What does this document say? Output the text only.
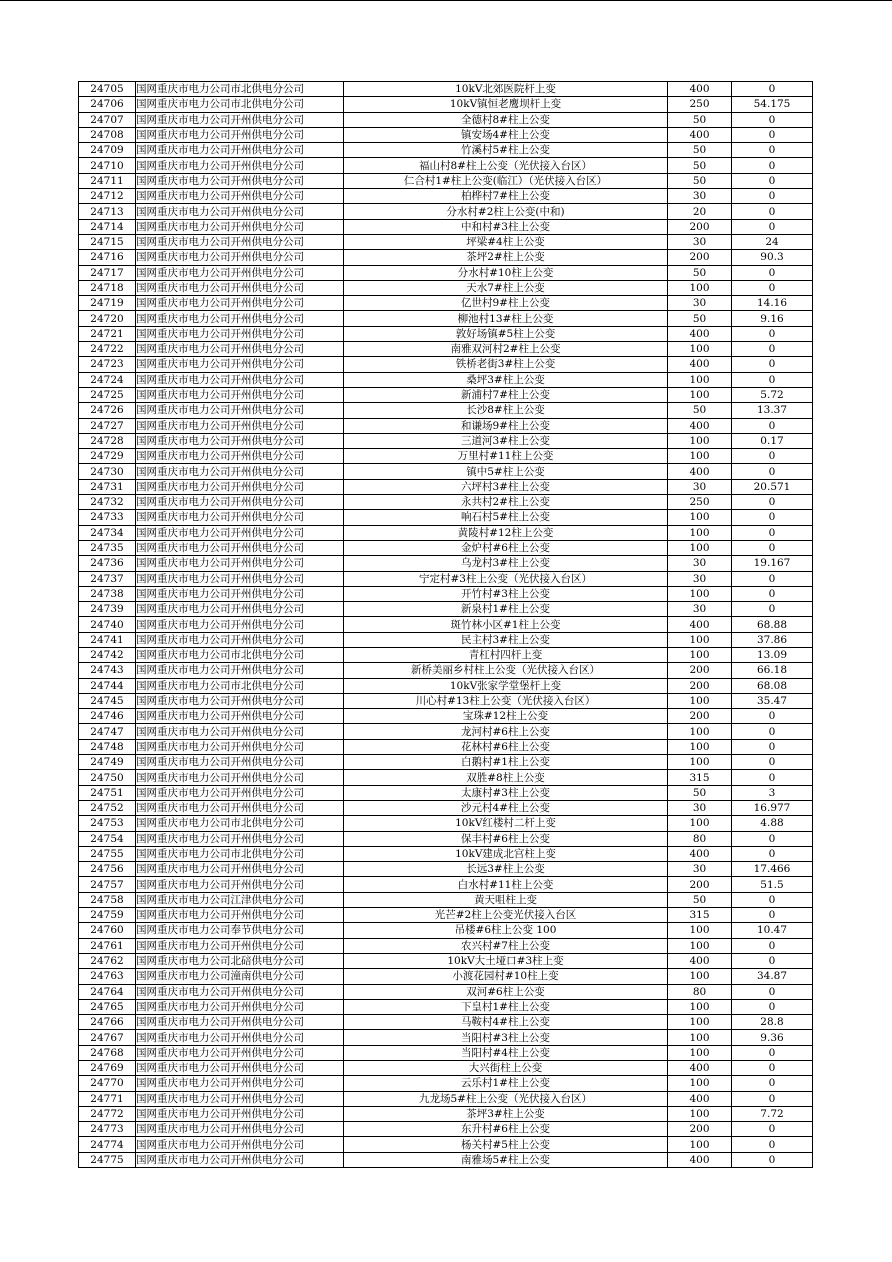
24705	国网重庆市电力公司市北供电分公司	10kV北郊医院杆上变	400	0
24706	国网重庆市电力公司市北供电分公司	10kV镇恒老鹰坝杆上变	250	54.175
24707	国网重庆市电力公司开州供电分公司	全德村8#柱上公变	50	0
24708	国网重庆市电力公司开州供电分公司	镇安场4#柱上公变	400	0
24709	国网重庆市电力公司开州供电分公司	竹溪村5#柱上公变	50	0
24710	国网重庆市电力公司开州供电分公司	福山村8#柱上公变（光伏接入台区）	50	0
24711	国网重庆市电力公司开州供电分公司	仁合村1#柱上公变(临江）（光伏接入台区）	50	0
24712	国网重庆市电力公司开州供电分公司	柏桦村7#柱上公变	30	0
24713	国网重庆市电力公司开州供电分公司	分水村#2柱上公变(中和)	20	0
24714	国网重庆市电力公司开州供电分公司	中和村#3柱上公变	200	0
24715	国网重庆市电力公司开州供电分公司	坪梁#4柱上公变	30	24
24716	国网重庆市电力公司开州供电分公司	茶坪2#柱上公变	200	90.3
24717	国网重庆市电力公司开州供电分公司	分水村#10柱上公变	50	0
24718	国网重庆市电力公司开州供电分公司	天水7#柱上公变	100	0
24719	国网重庆市电力公司开州供电分公司	亿世村9#柱上公变	30	14.16
24720	国网重庆市电力公司开州供电分公司	柳池村13#柱上公变	50	9.16
24721	国网重庆市电力公司开州供电分公司	敦好场镇#5柱上公变	400	0
24722	国网重庆市电力公司开州供电分公司	南雅双河村2#柱上公变	100	0
24723	国网重庆市电力公司开州供电分公司	铁桥老街3#柱上公变	400	0
24724	国网重庆市电力公司开州供电分公司	桑坪3#柱上公变	100	0
24725	国网重庆市电力公司开州供电分公司	新浦村7#柱上公变	100	5.72
24726	国网重庆市电力公司开州供电分公司	长沙8#柱上公变	50	13.37
24727	国网重庆市电力公司开州供电分公司	和谦场9#柱上公变	400	0
24728	国网重庆市电力公司开州供电分公司	三道河3#柱上公变	100	0.17
24729	国网重庆市电力公司开州供电分公司	万里村#11柱上公变	100	0
24730	国网重庆市电力公司开州供电分公司	镇中5#柱上公变	400	0
24731	国网重庆市电力公司开州供电分公司	六坪村3#柱上公变	30	20.571
24732	国网重庆市电力公司开州供电分公司	永共村2#柱上公变	250	0
24733	国网重庆市电力公司开州供电分公司	响石村5#柱上公变	100	0
24734	国网重庆市电力公司开州供电分公司	黄陵村#12柱上公变	100	0
24735	国网重庆市电力公司开州供电分公司	金炉村#6柱上公变	100	0
24736	国网重庆市电力公司开州供电分公司	乌龙村3#柱上公变	30	19.167
24737	国网重庆市电力公司开州供电分公司	宁定村#3柱上公变（光伏接入台区）	30	0
24738	国网重庆市电力公司开州供电分公司	开竹村#3柱上公变	100	0
24739	国网重庆市电力公司开州供电分公司	新泉村1#柱上公变	30	0
24740	国网重庆市电力公司开州供电分公司	斑竹林小区#1柱上公变	400	68.88
24741	国网重庆市电力公司开州供电分公司	民主村3#柱上公变	100	37.86
24742	国网重庆市电力公司市北供电分公司	青杠村四杆上变	100	13.09
24743	国网重庆市电力公司开州供电分公司	新桥美丽乡村柱上公变（光伏接入台区）	200	66.18
24744	国网重庆市电力公司市北供电分公司	10kV张家学堂堡杆上变	200	68.08
24745	国网重庆市电力公司开州供电分公司	川心村#13柱上公变（光伏接入台区）	100	35.47
24746	国网重庆市电力公司开州供电分公司	宝珠#12柱上公变	200	0
24747	国网重庆市电力公司开州供电分公司	龙河村#6柱上公变	100	0
24748	国网重庆市电力公司开州供电分公司	花林村#6柱上公变	100	0
24749	国网重庆市电力公司开州供电分公司	白鹅村#1柱上公变	100	0
24750	国网重庆市电力公司开州供电分公司	双胜#8柱上公变	315	0
24751	国网重庆市电力公司开州供电分公司	太康村#3柱上公变	50	3
24752	国网重庆市电力公司开州供电分公司	沙元村4#柱上公变	30	16.977
24753	国网重庆市电力公司市北供电分公司	10kV红楼村二杆上变	100	4.88
24754	国网重庆市电力公司开州供电分公司	保丰村#6柱上公变	80	0
24755	国网重庆市电力公司市北供电分公司	10kV建成北宫柱上变	400	0
24756	国网重庆市电力公司开州供电分公司	长远3#柱上公变	30	17.466
24757	国网重庆市电力公司开州供电分公司	白水村#11柱上公变	200	51.5
24758	国网重庆市电力公司江津供电分公司	黄天咀柱上变	50	0
24759	国网重庆市电力公司开州供电分公司	光芒#2柱上公变光伏接入台区	315	0
24760	国网重庆市电力公司奉节供电分公司	吊楼#6柱上公变 100	100	10.47
24761	国网重庆市电力公司开州供电分公司	农兴村#7柱上公变	100	0
24762	国网重庆市电力公司北碚供电分公司	10kV大土垭口#3柱上变	400	0
24763	国网重庆市电力公司潼南供电分公司	小渡花园村#10柱上变	100	34.87
24764	国网重庆市电力公司开州供电分公司	双河#6柱上公变	80	0
24765	国网重庆市电力公司开州供电分公司	下皇村1#柱上公变	100	0
24766	国网重庆市电力公司开州供电分公司	马鞍村4#柱上公变	100	28.8
24767	国网重庆市电力公司开州供电分公司	当阳村#3柱上公变	100	9.36
24768	国网重庆市电力公司开州供电分公司	当阳村#4柱上公变	100	0
24769	国网重庆市电力公司开州供电分公司	大兴街柱上公变	400	0
24770	国网重庆市电力公司开州供电分公司	云乐村1#柱上公变	100	0
24771	国网重庆市电力公司开州供电分公司	九龙场5#柱上公变（光伏接入台区）	400	0
24772	国网重庆市电力公司开州供电分公司	茶坪3#柱上公变	100	7.72
24773	国网重庆市电力公司开州供电分公司	东升村#6柱上公变	200	0
24774	国网重庆市电力公司开州供电分公司	杨关村#5柱上公变	100	0
24775	国网重庆市电力公司开州供电分公司	南雅场5#柱上公变	400	0
